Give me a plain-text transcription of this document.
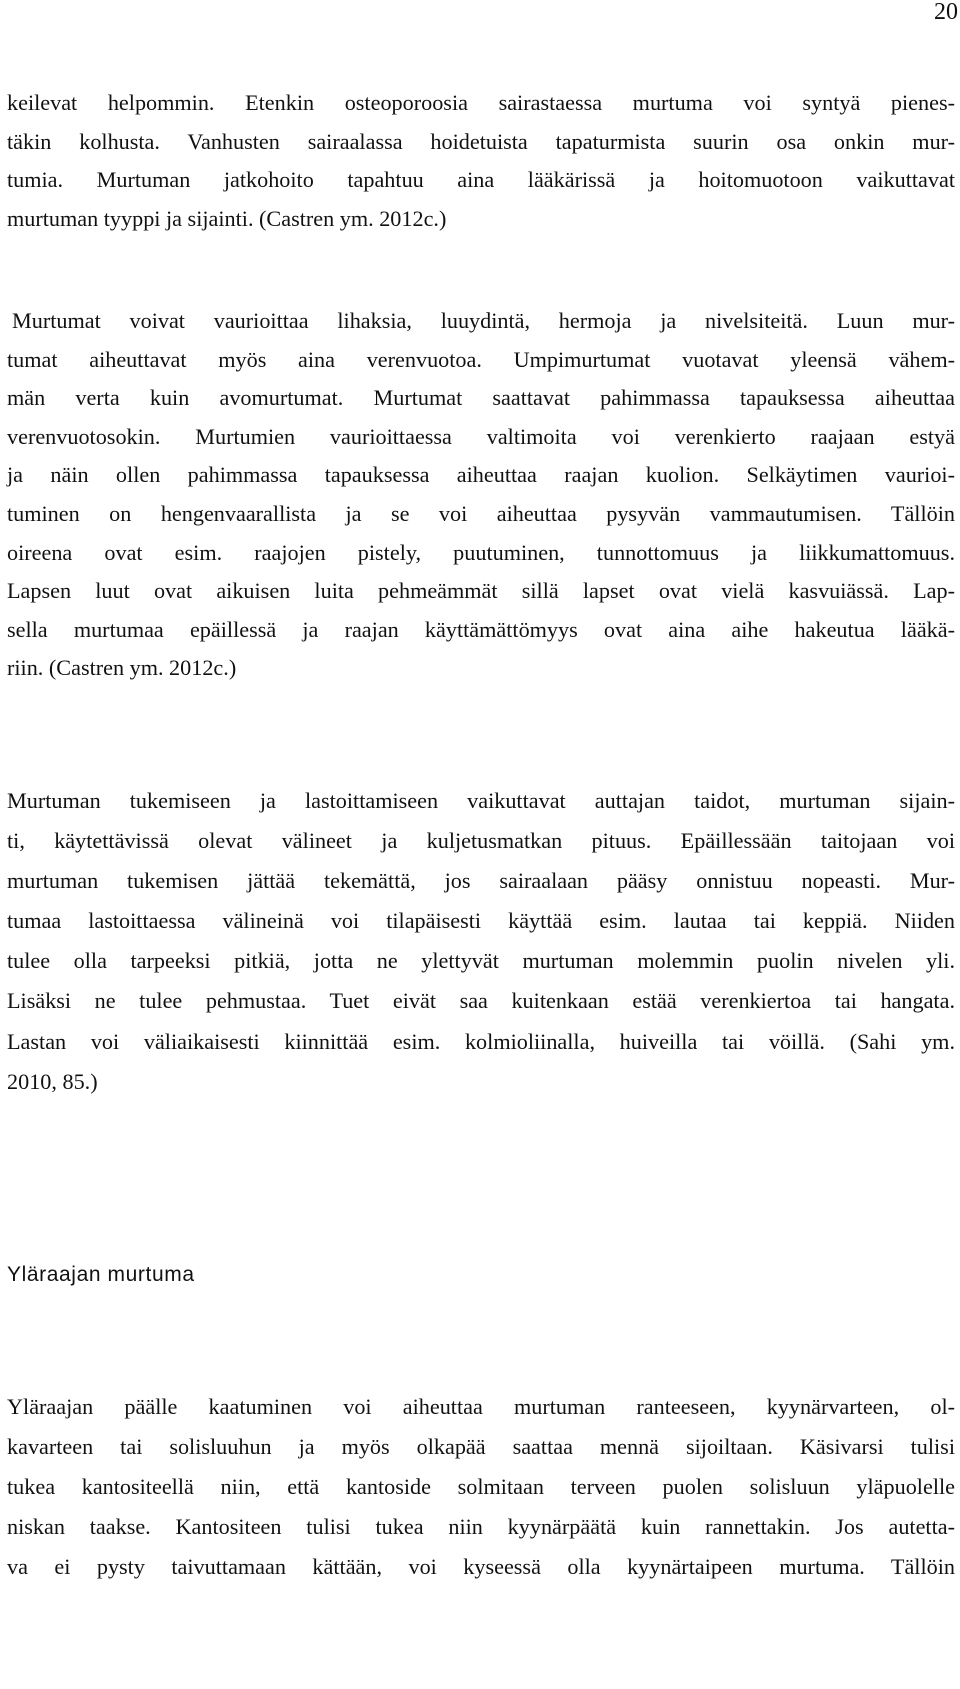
20
keilevat helpommin. Etenkin osteoporoosia sairastaessa murtuma voi syntyä pienes-
täkin kolhusta. Vanhusten sairaalassa hoidetuista tapaturmista suurin osa onkin mur-
tumia. Murtuman jatkohoito tapahtuu aina lääkärissä ja hoitomuotoon vaikuttavat
murtuman tyyppi ja sijainti. (Castren ym. 2012c.)
Murtumat voivat vaurioittaa lihaksia, luuydintä, hermoja ja nivelsiteitä. Luun mur-
tumat aiheuttavat myös aina verenvuotoa. Umpimurtumat vuotavat yleensä vähem-
män verta kuin avomurtumat. Murtumat saattavat pahimmassa tapauksessa aiheuttaa
verenvuotosokin. Murtumien vaurioittaessa valtimoita voi verenkierto raajaan estyä
ja näin ollen pahimmassa tapauksessa aiheuttaa raajan kuolion. Selkäytimen vaurioi-
tuminen on hengenvaarallista ja se voi aiheuttaa pysyvän vammautumisen. Tällöin
oireena ovat esim. raajojen pistely, puutuminen, tunnottomuus ja liikkumattomuus.
Lapsen luut ovat aikuisen luita pehmeämmät sillä lapset ovat vielä kasvuiässä. Lap-
sella murtumaa epäillessä ja raajan käyttämättömyys ovat aina aihe hakeutua lääkä-
riin. (Castren ym. 2012c.)
Murtuman tukemiseen ja lastoittamiseen vaikuttavat auttajan taidot, murtuman sijain-
ti, käytettävissä olevat välineet ja kuljetusmatkan pituus. Epäillessään taitojaan voi
murtuman tukemisen jättää tekemättä, jos sairaalaan pääsy onnistuu nopeasti. Mur-
tumaa lastoittaessa välineinä voi tilapäisesti käyttää esim. lautaa tai keppiä. Niiden
tulee olla tarpeeksi pitkiä, jotta ne ylettyvät murtuman molemmin puolin nivelen yli.
Lisäksi ne tulee pehmustaa. Tuet eivät saa kuitenkaan estää verenkiertoa tai hangata.
Lastan voi väliaikaisesti kiinnittää esim. kolmioliinalla, huiveilla tai vöillä. (Sahi ym.
2010, 85.)
Yläraajan murtuma
Yläraajan päälle kaatuminen voi aiheuttaa murtuman ranteeseen, kyynärvarteen, ol-
kavarteen tai solisluuhun ja myös olkapää saattaa mennä sijoiltaan. Käsivarsi tulisi
tukea kantositeellä niin, että kantoside solmitaan terveen puolen solisluun yläpuolelle
niskan taakse. Kantositeen tulisi tukea niin kyynärpäätä kuin rannettakin. Jos autetta-
va ei pysty taivuttamaan kättään, voi kyseessä olla kyynärtaipeen murtuma. Tällöin
